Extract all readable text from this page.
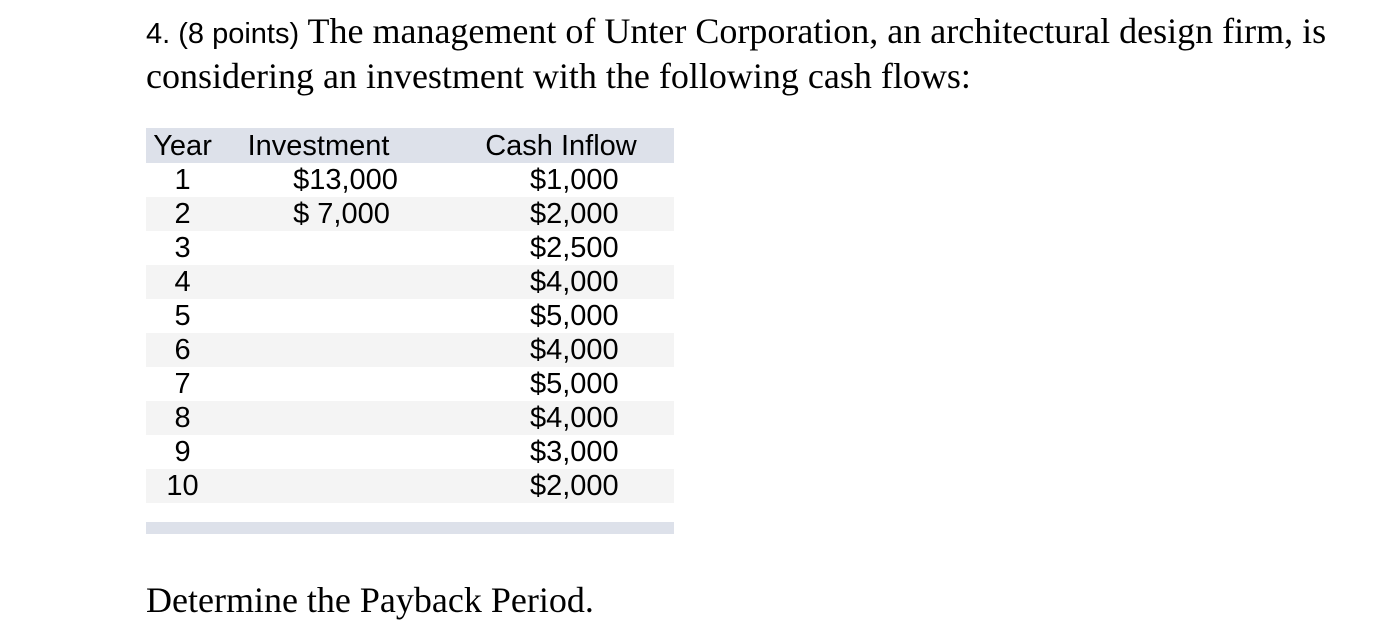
4. (8 points) The management of Unter Corporation, an architectural design firm, is considering an investment with the following cash flows:

Year	Investment	Cash Inflow
1	$13,000	$1,000
2	$ 7,000	$2,000
3		$2,500
4		$4,000
5		$5,000
6		$4,000
7		$5,000
8		$4,000
9		$3,000
10		$2,000

Determine the Payback Period.
